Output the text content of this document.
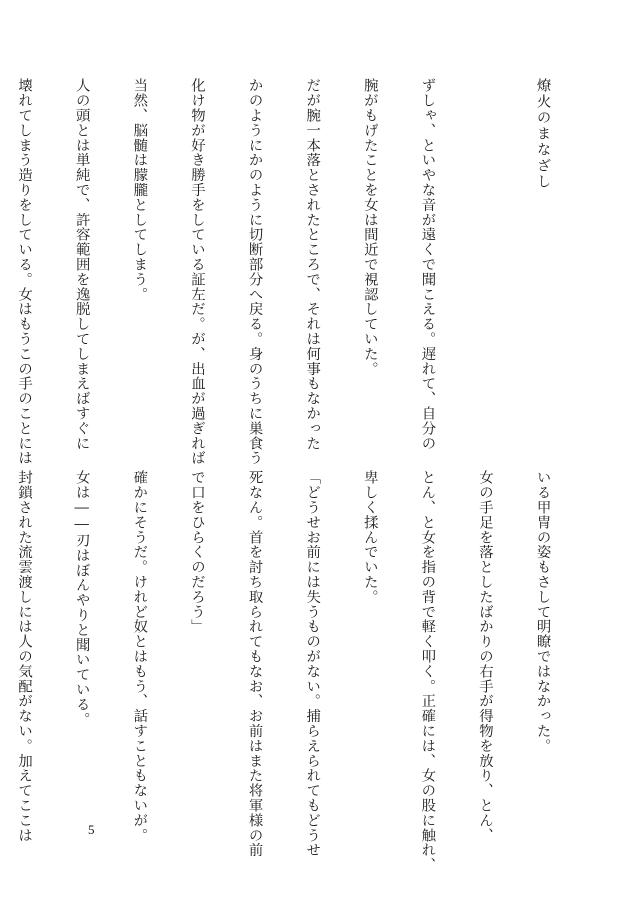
燎火のまなざし

ずしゃ、といやな音が遠くで聞こえる。遅れて、自分の

腕がもげたことを女は間近で視認していた。

だが腕一本落とされたところで、それは何事もなかった

かのようにかのように切断部分へ戻る。身のうちに巣食う

化け物が好き勝手をしている証左だ。が、出血が過ぎれば

当然、脳髄は朦朧としてしまう。

人の頭とは単純で、許容範囲を逸脱してしまえばすぐに

壊れてしまう造りをしている。女はもうこの手のことには

いる甲冑の姿もさして明瞭ではなかった。

女の手足を落としたばかりの右手が得物を放り、とん、

とん、と女を指の背で軽く叩く。正確には、女の股に触れ、

卑しく揉んでいた。

「どうせお前には失うものがない。捕らえられてもどうせ

死なん。首を討ち取られてもなお、お前はまた将軍様の前

で口をひらくのだろう」

確かにそうだ。けれど奴とはもう、話すこともないが。

女は――刃はぼんやりと聞いている。

封鎖された流雲渡しには人の気配がない。加えてここは

	5
